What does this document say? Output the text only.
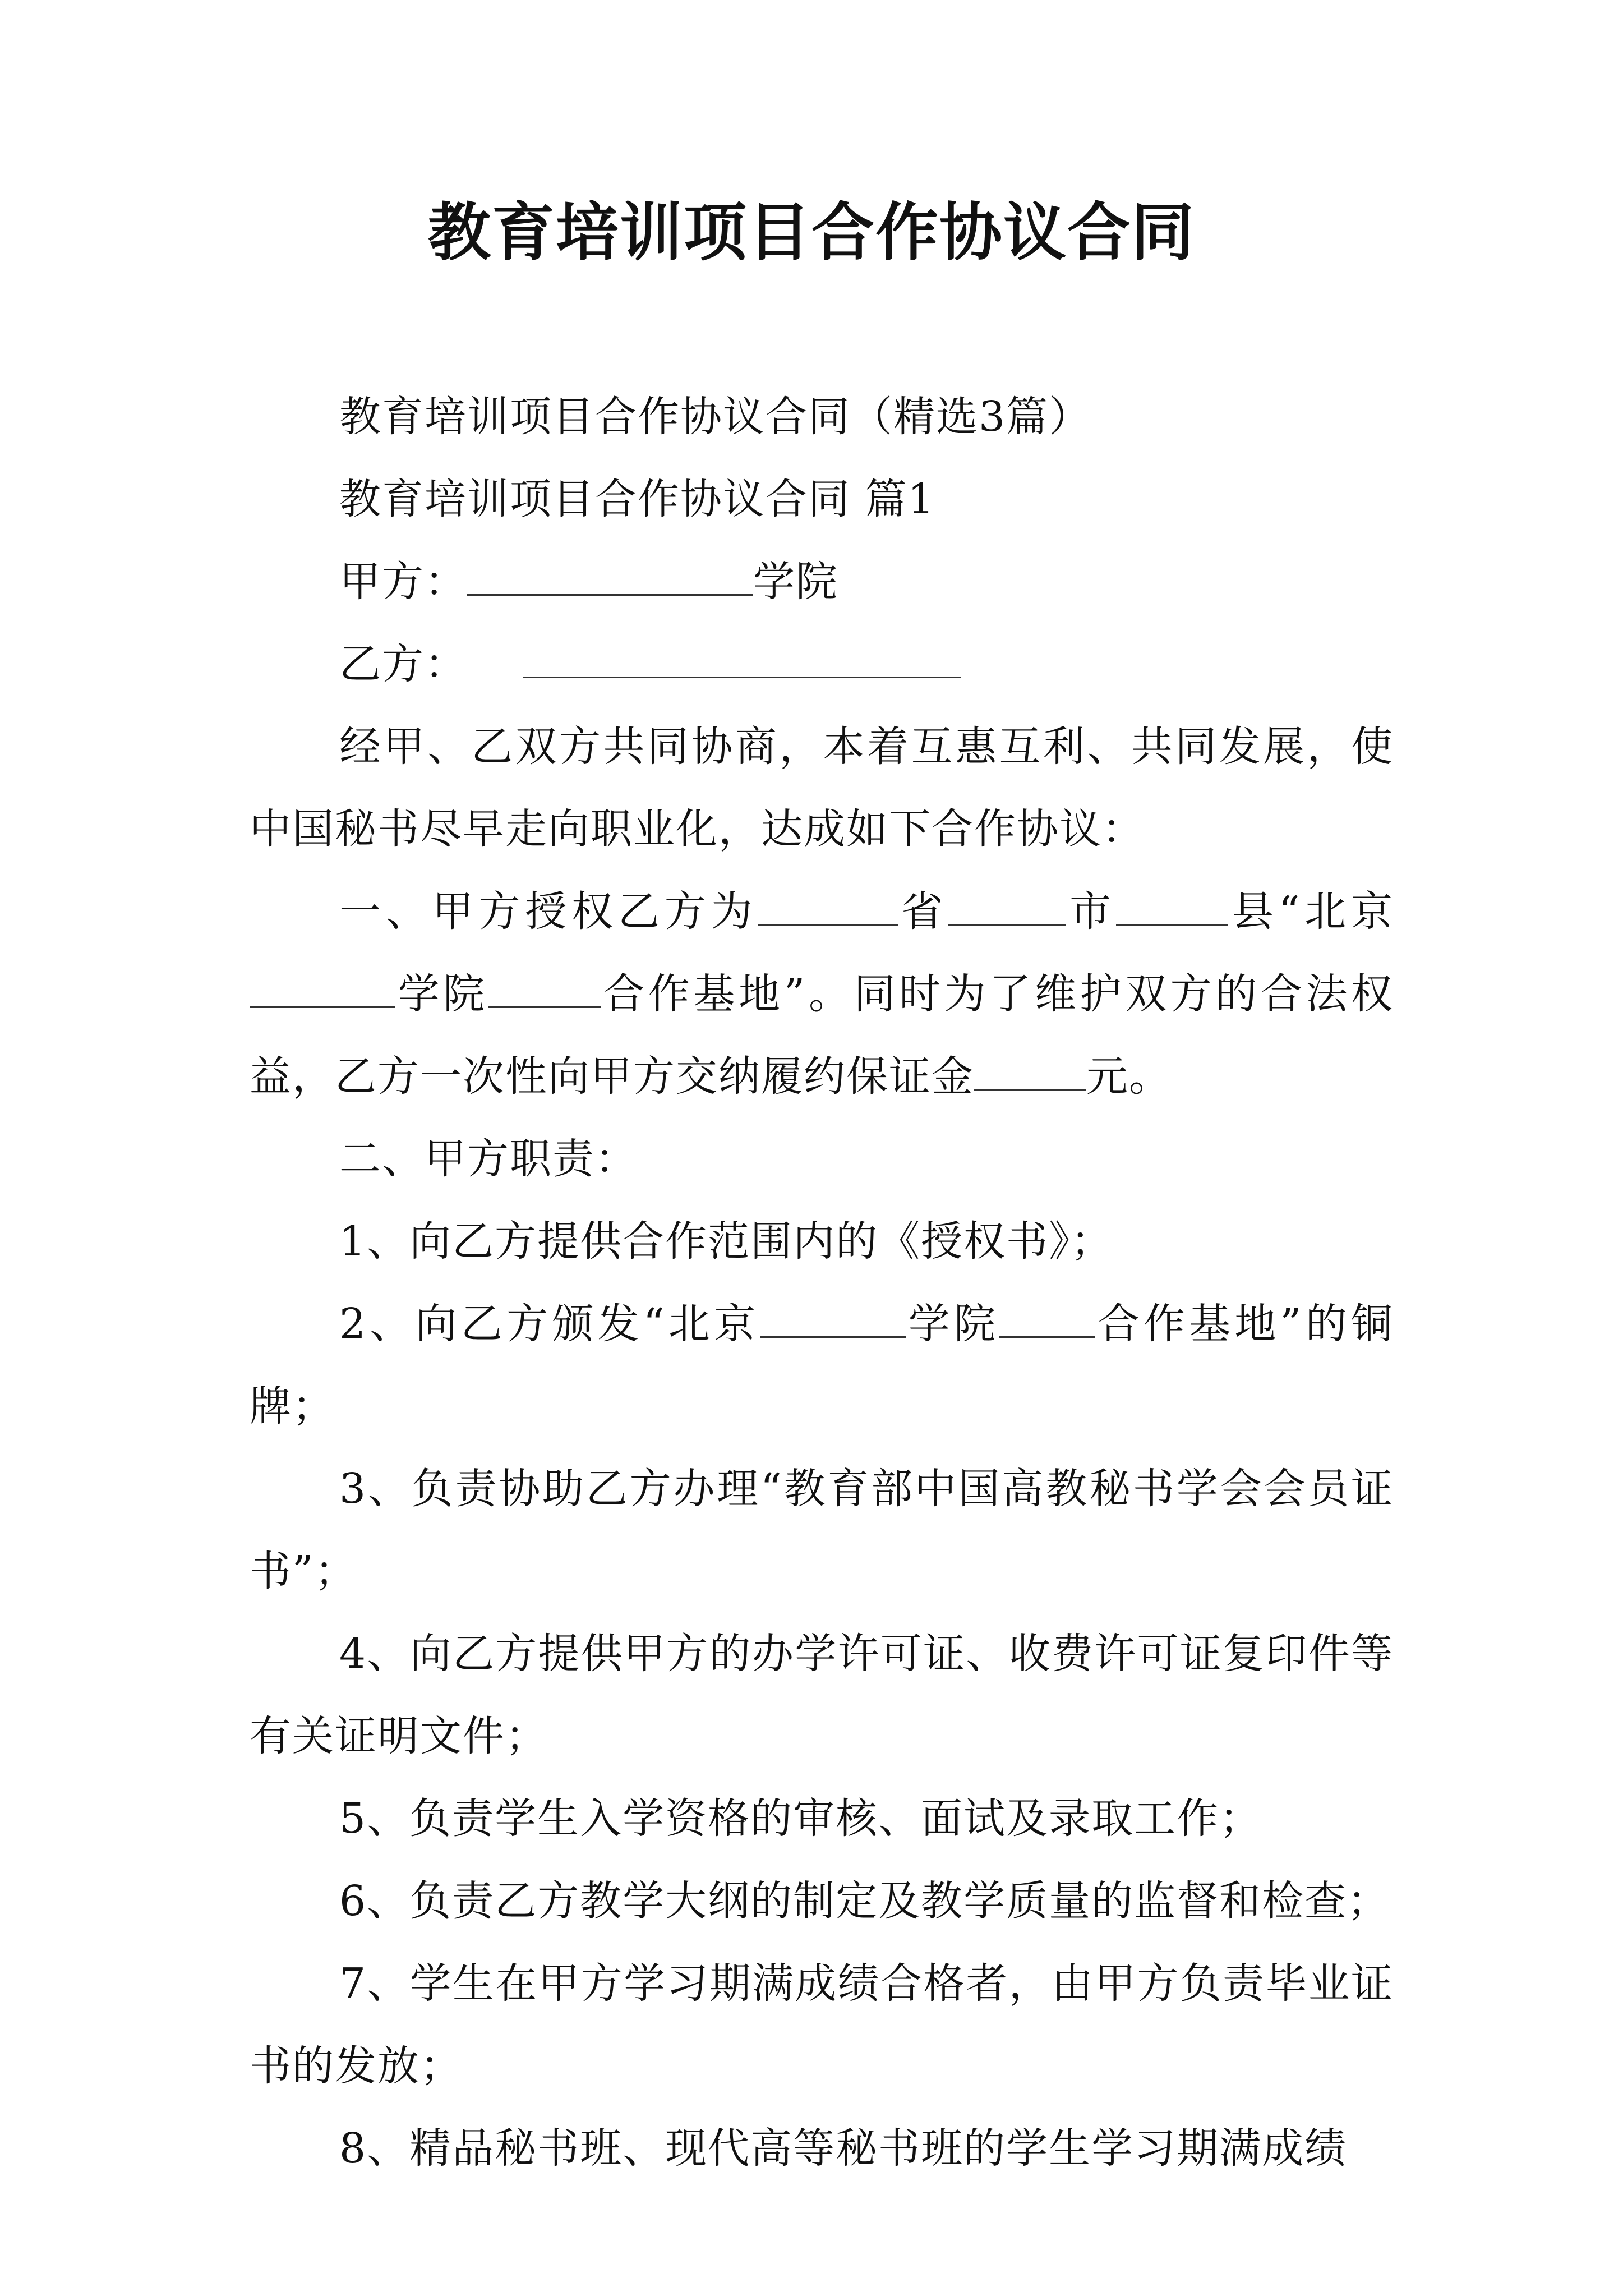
教育培训项目合作协议合同

教育培训项目合作协议合同（精选3篇）

教育培训项目合作协议合同 篇1

甲方：	学院

乙方：

经甲、乙双方共同协商，本着互惠互利、共同发展，使中国秘书尽早走向职业化，达成如下合作协议：

一、甲方授权乙方为	省	市	县“北京学院	合作基地”。同时为了维护双方的合法权益，乙方一次性向甲方交纳履约保证金	元。

二、甲方职责：

1、向乙方提供合作范围内的《授权书》；

2、向乙方颁发“北京	学院 合作基地”的铜牌；

3、负责协助乙方办理“教育部中国高教秘书学会会员证书”；

4、向乙方提供甲方的办学许可证、收费许可证复印件等有关证明文件；

5、负责学生入学资格的审核、面试及录取工作；

6、负责乙方教学大纲的制定及教学质量的监督和检查；

7、学生在甲方学习期满成绩合格者，由甲方负责毕业证书的发放；

8、精品秘书班、现代高等秘书班的学生学习期满成绩
